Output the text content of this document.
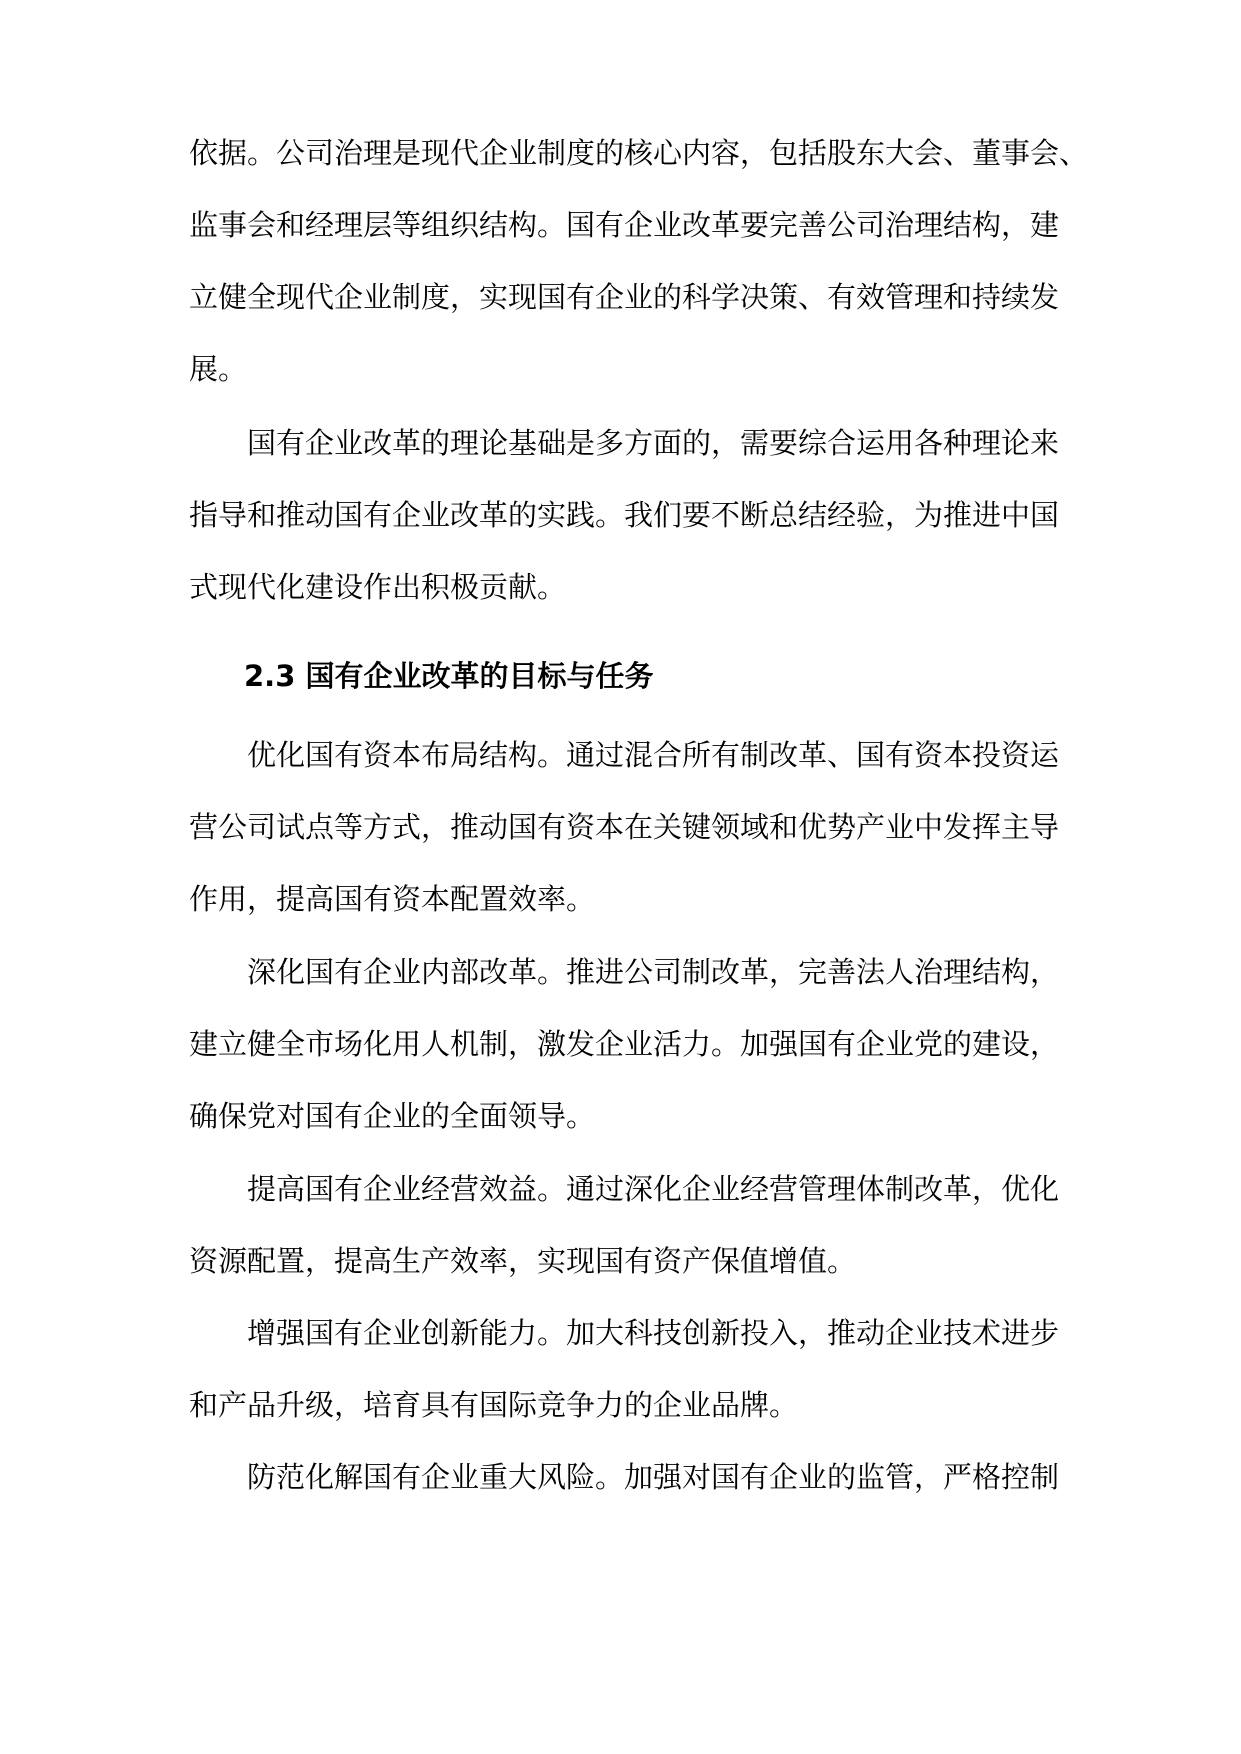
依据。公司治理是现代企业制度的核心内容，包括股东大会、董事会、
监事会和经理层等组织结构。国有企业改革要完善公司治理结构，建
立健全现代企业制度，实现国有企业的科学决策、有效管理和持续发
展。
国有企业改革的理论基础是多方面的，需要综合运用各种理论来
指导和推动国有企业改革的实践。我们要不断总结经验，为推进中国
式现代化建设作出积极贡献。
2.3 国有企业改革的目标与任务
优化国有资本布局结构。通过混合所有制改革、国有资本投资运
营公司试点等方式，推动国有资本在关键领域和优势产业中发挥主导
作用，提高国有资本配置效率。
深化国有企业内部改革。推进公司制改革，完善法人治理结构，
建立健全市场化用人机制，激发企业活力。加强国有企业党的建设，
确保党对国有企业的全面领导。
提高国有企业经营效益。通过深化企业经营管理体制改革，优化
资源配置，提高生产效率，实现国有资产保值增值。
增强国有企业创新能力。加大科技创新投入，推动企业技术进步
和产品升级，培育具有国际竞争力的企业品牌。
防范化解国有企业重大风险。加强对国有企业的监管，严格控制
